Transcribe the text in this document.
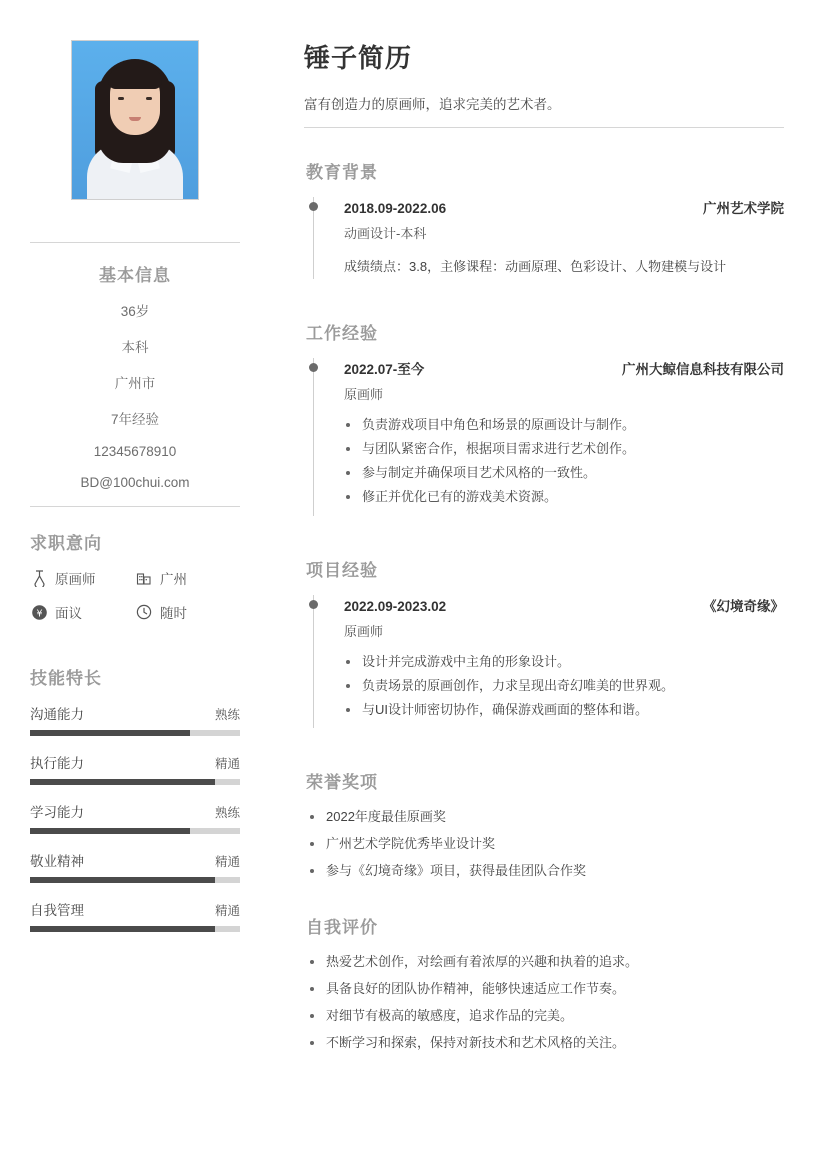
基本信息
36岁
本科
广州市
7年经验
12345678910
BD@100chui.com
求职意向
原画师	广州
¥ 面议	随时
技能特长
沟通能力	熟练
执行能力	精通
学习能力	熟练
敬业精神	精通
自我管理	精通
锤子简历
富有创造力的原画师，追求完美的艺术者。
教育背景
2018.09-2022.06	广州艺术学院
动画设计-本科
成绩绩点：3.8，主修课程：动画原理、色彩设计、人物建模与设计
工作经验
2022.07-至今	广州大鲸信息科技有限公司
原画师
负责游戏项目中角色和场景的原画设计与制作。
与团队紧密合作，根据项目需求进行艺术创作。
参与制定并确保项目艺术风格的一致性。
修正并优化已有的游戏美术资源。
项目经验
2022.09-2023.02	《幻境奇缘》
原画师
设计并完成游戏中主角的形象设计。
负责场景的原画创作，力求呈现出奇幻唯美的世界观。
与UI设计师密切协作，确保游戏画面的整体和谐。
荣誉奖项
2022年度最佳原画奖
广州艺术学院优秀毕业设计奖
参与《幻境奇缘》项目，获得最佳团队合作奖
自我评价
热爱艺术创作，对绘画有着浓厚的兴趣和执着的追求。
具备良好的团队协作精神，能够快速适应工作节奏。
对细节有极高的敏感度，追求作品的完美。
不断学习和探索，保持对新技术和艺术风格的关注。
